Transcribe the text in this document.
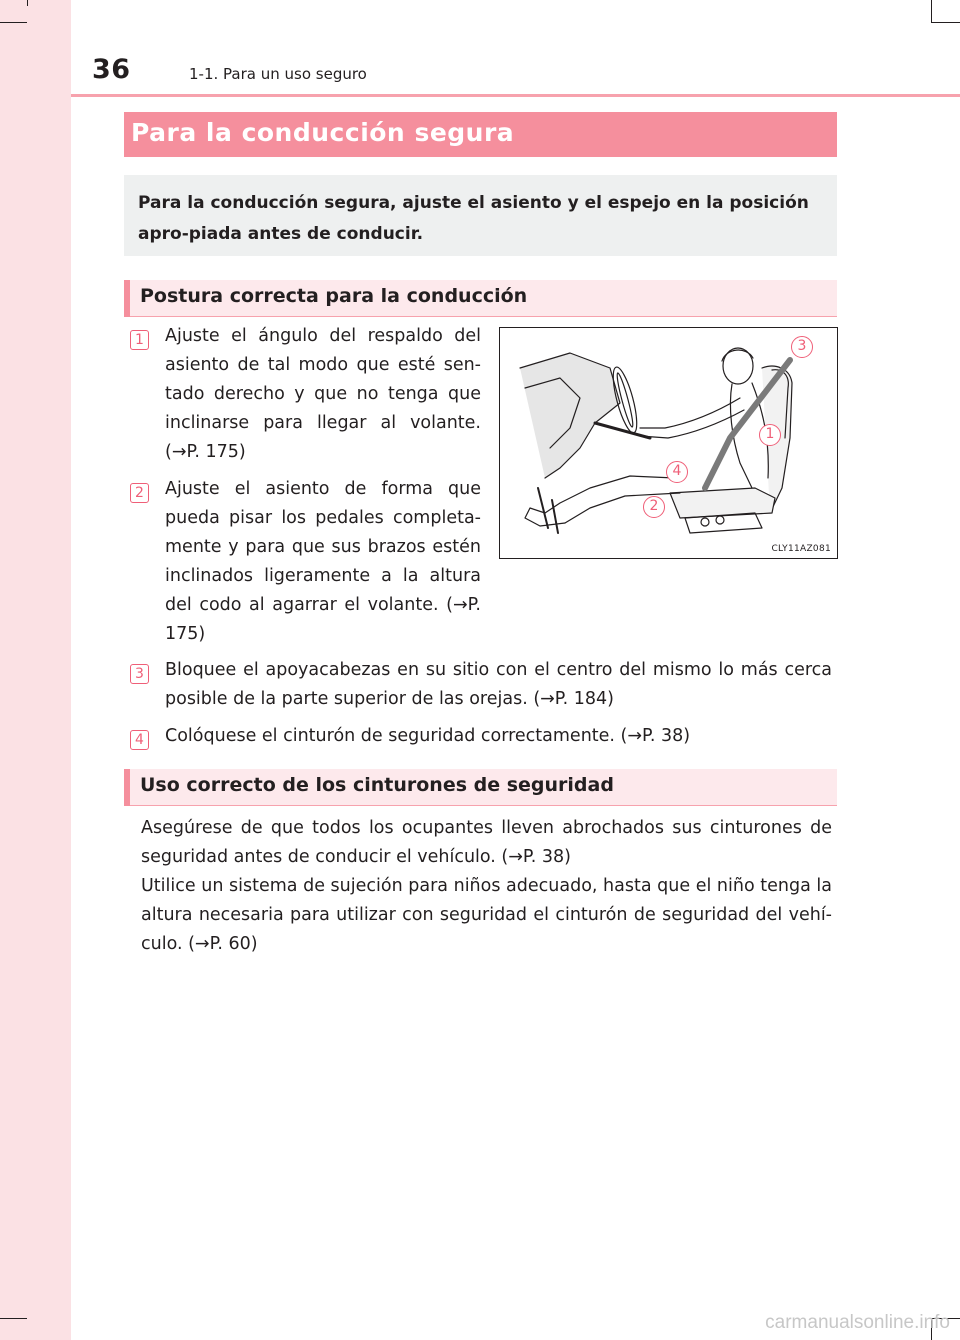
36	1-1. Para un uso seguro
Para la conducción segura

Para la conducción segura, ajuste el asiento y el espejo en la posición apro-piada antes de conducir.

Postura correcta para la conducción
1 Ajuste el ángulo del respaldo del asiento de tal modo que esté sen-tado derecho y que no tenga que inclinarse para llegar al volante. (→P. 175)

2 Ajuste el asiento de forma que pueda pisar los pedales completa-mente y para que sus brazos estén inclinados ligeramente a la altura del codo al agarrar el volante. (→P. 175)

3
1
4
2
CLY11AZ081
3 Bloquee el apoyacabezas en su sitio con el centro del mismo lo más cerca posible de la parte superior de las orejas. (→P. 184)

4 Colóquese el cinturón de seguridad correctamente. (→P. 38)

Uso correcto de los cinturones de seguridad

Asegúrese de que todos los ocupantes lleven abrochados sus cinturones de seguridad antes de conducir el vehículo. (→P. 38)

Utilice un sistema de sujeción para niños adecuado, hasta que el niño tenga la altura necesaria para utilizar con seguridad el cinturón de seguridad del vehí-culo. (→P. 60)

carmanualsonline.info
